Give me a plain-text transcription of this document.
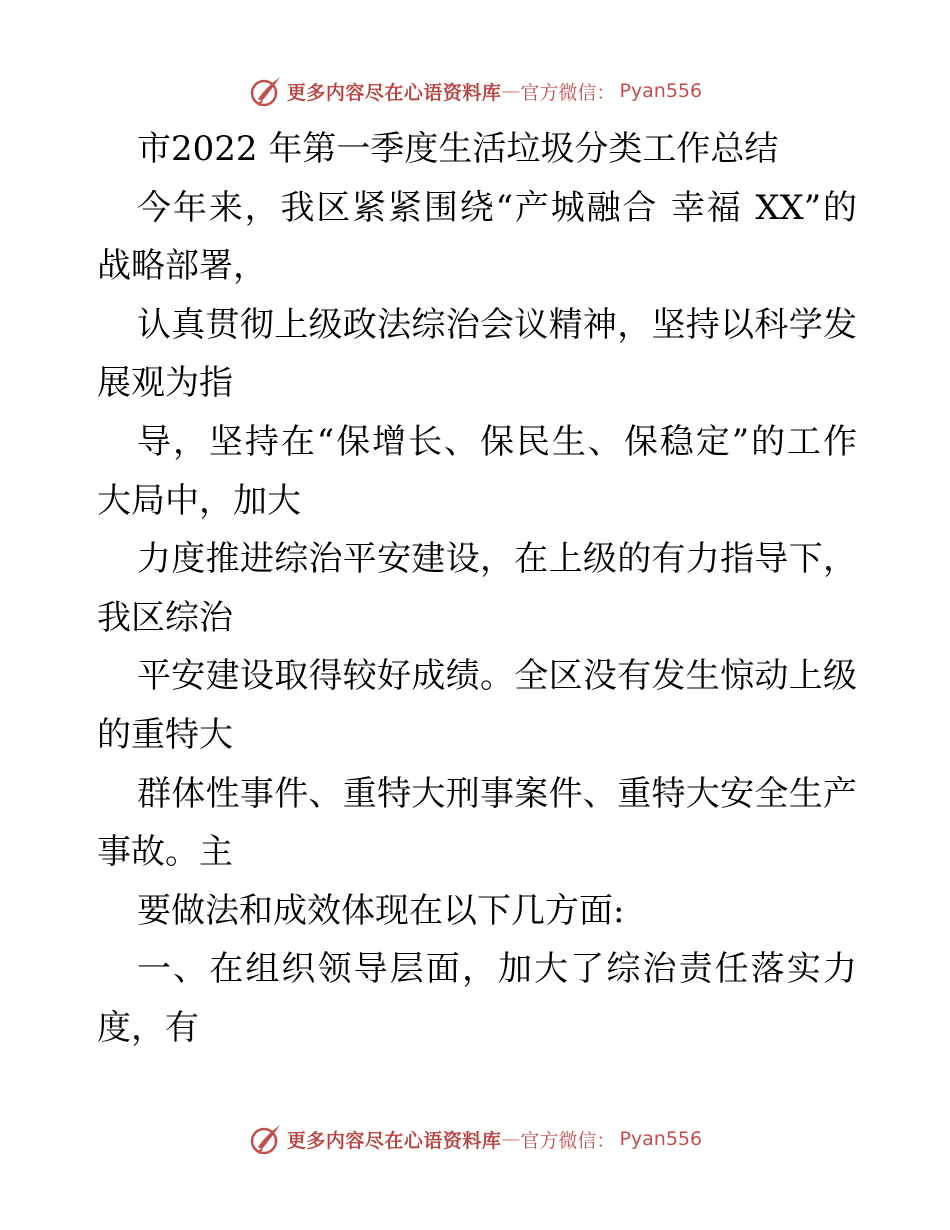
更多内容尽在心语资料库 — 官方微信： Pyan556
市2022 年第一季度生活垃圾分类工作总结
今年来，我区紧紧围绕“产城融合 幸福 XX”的
战略部署，
认真贯彻上级政法综治会议精神，坚持以科学发
展观为指
导，坚持在“保增长、保民生、保稳定”的工作
大局中，加大
力度推进综治平安建设，在上级的有力指导下，
我区综治
平安建设取得较好成绩。全区没有发生惊动上级
的重特大
群体性事件、重特大刑事案件、重特大安全生产
事故。主
要做法和成效体现在以下几方面:
一、在组织领导层面，加大了综治责任落实力
度，有
更多内容尽在心语资料库 — 官方微信： Pyan556
